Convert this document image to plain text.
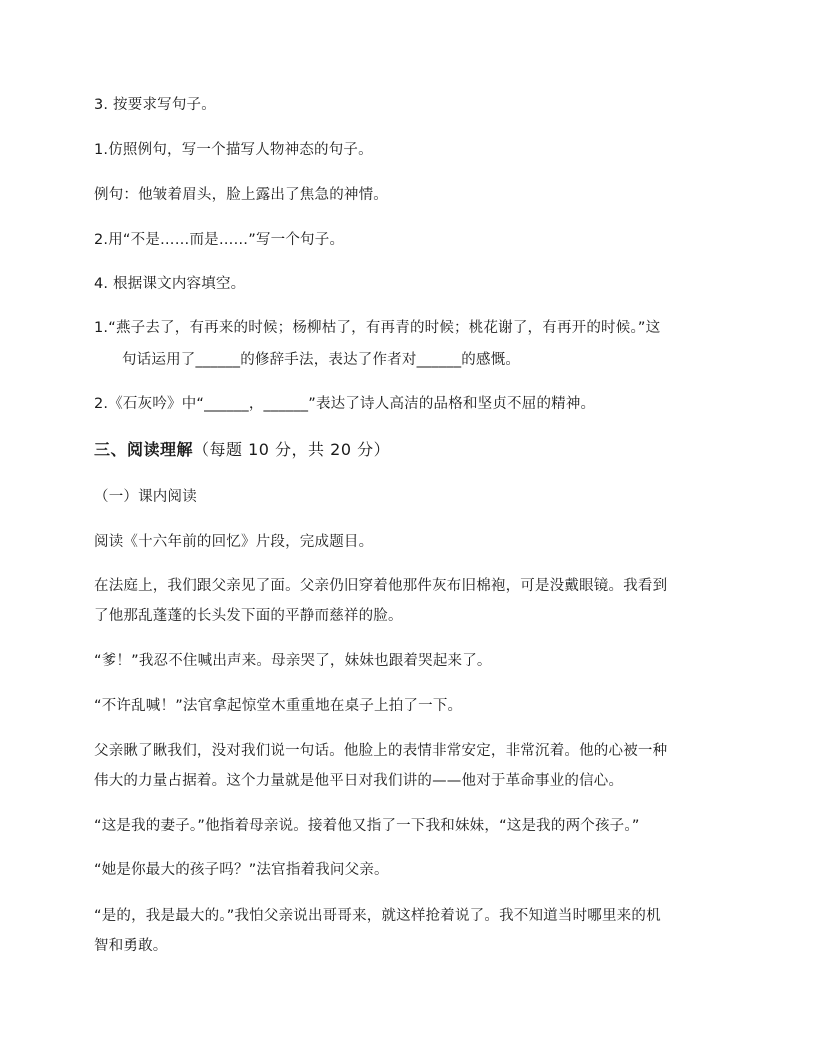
3. 按要求写句子。
1.仿照例句，写一个描写人物神态的句子。
例句：他皱着眉头，脸上露出了焦急的神情。
2.用“不是……而是……”写一个句子。
4. 根据课文内容填空。
1.“燕子去了，有再来的时候；杨柳枯了，有再青的时候；桃花谢了，有再开的时候。”这
句话运用了______的修辞手法，表达了作者对______的感慨。
2.《石灰吟》中“______，______”表达了诗人高洁的品格和坚贞不屈的精神。
三、阅读理解（每题 10 分，共 20 分）
（一）课内阅读
阅读《十六年前的回忆》片段，完成题目。
在法庭上，我们跟父亲见了面。父亲仍旧穿着他那件灰布旧棉袍，可是没戴眼镜。我看到
了他那乱蓬蓬的长头发下面的平静而慈祥的脸。
“爹！”我忍不住喊出声来。母亲哭了，妹妹也跟着哭起来了。
“不许乱喊！”法官拿起惊堂木重重地在桌子上拍了一下。
父亲瞅了瞅我们，没对我们说一句话。他脸上的表情非常安定，非常沉着。他的心被一种
伟大的力量占据着。这个力量就是他平日对我们讲的——他对于革命事业的信心。
“这是我的妻子。”他指着母亲说。接着他又指了一下我和妹妹，“这是我的两个孩子。”
“她是你最大的孩子吗？”法官指着我问父亲。
“是的，我是最大的。”我怕父亲说出哥哥来，就这样抢着说了。我不知道当时哪里来的机
智和勇敢。
